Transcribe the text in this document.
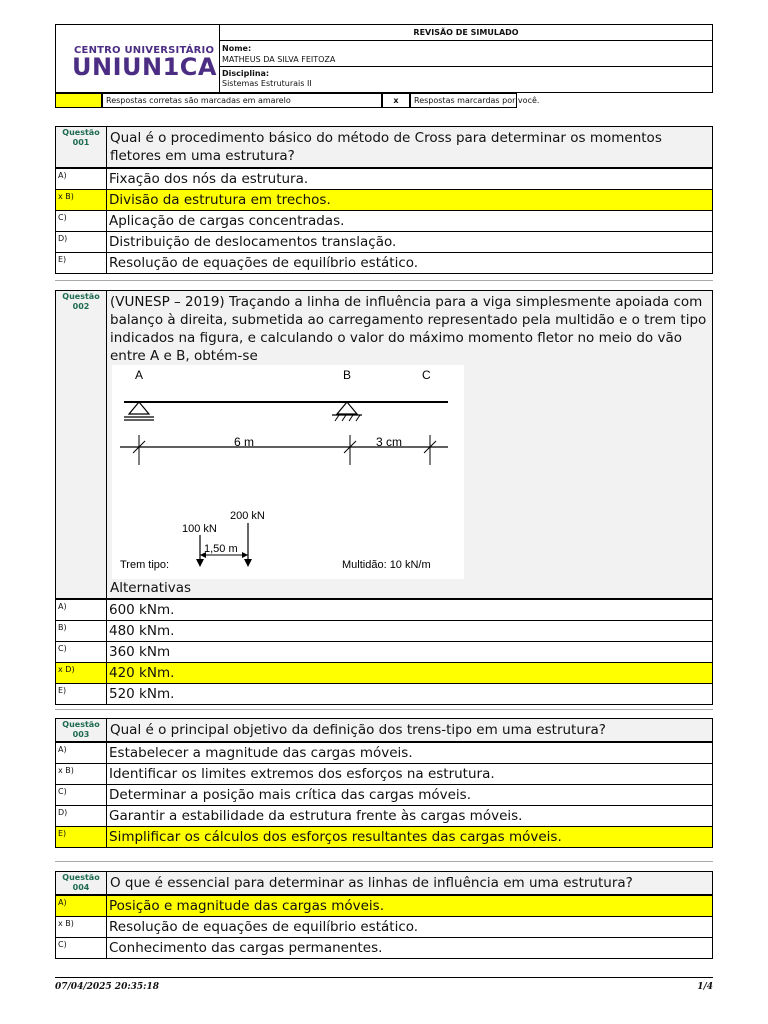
CENTRO UNIVERSITÁRIO
UNIUN1CA
REVISÃO DE SIMULADO
Nome:
MATHEUS DA SILVA FEITOZA
Disciplina:
Sistemas Estruturais II
Respostas corretas são marcadas em amarelo	x	Respostas marcardas por você.
Questão
001	Qual é o procedimento básico do método de Cross para determinar os momentos fletores em uma estrutura?
A)	Fixação dos nós da estrutura.
x B)	Divisão da estrutura em trechos.
C)	Aplicação de cargas concentradas.
D)	Distribuição de deslocamentos translação.
E)	Resolução de equações de equilíbrio estático.
Questão
002	(VUNESP – 2019) Traçando a linha de influência para a viga simplesmente apoiada com balanço à direita, submetida ao carregamento representado pela multidão e o trem tipo indicados na figura, e calculando o valor do máximo momento fletor no meio do vão entre A e B, obtém-se
A	B	C
6 m	3 cm
100 kN
200 kN
1,50 m
Trem tipo:	Multidão: 10 kN/m
Alternativas
A)	600 kNm.
B)	480 kNm.
C)	360 kNm
x D)	420 kNm.
E)	520 kNm.
Questão
003	Qual é o principal objetivo da definição dos trens-tipo em uma estrutura?
A)	Estabelecer a magnitude das cargas móveis.
x B)	Identificar os limites extremos dos esforços na estrutura.
C)	Determinar a posição mais crítica das cargas móveis.
D)	Garantir a estabilidade da estrutura frente às cargas móveis.
E)	Simplificar os cálculos dos esforços resultantes das cargas móveis.
Questão
004	O que é essencial para determinar as linhas de influência em uma estrutura?
A)	Posição e magnitude das cargas móveis.
x B)	Resolução de equações de equilíbrio estático.
C)	Conhecimento das cargas permanentes.
07/04/2025 20:35:18	1/4
